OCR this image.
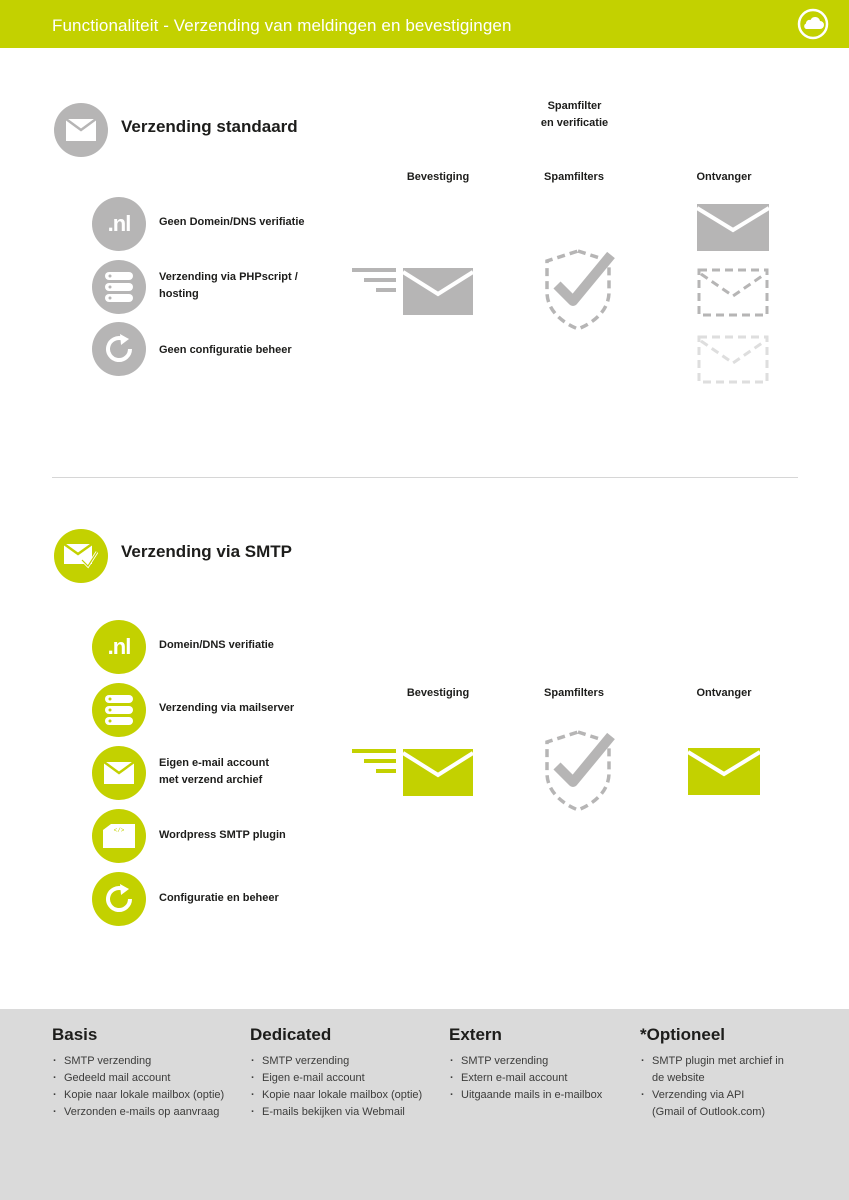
Functionaliteit - Verzending van meldingen en bevestigingen
Verzending standaard
Spamfilter
en verificatie
Bevestiging	Spamfilters	Ontvanger
.nl	Geen Domein/DNS verifiatie
Verzending via PHPscript /
hosting
Geen configuratie beheer
Verzending via SMTP
Bevestiging	Spamfilters	Ontvanger
.nl	Domein/DNS verifiatie
Verzending via mailserver
Eigen e-mail account
met verzend archief
</>	Wordpress SMTP plugin
Configuratie en beheer
Basis
· SMTP verzending
· Gedeeld mail account
· Kopie naar lokale mailbox (optie)
· Verzonden e-mails op aanvraag
Dedicated
· SMTP verzending
· Eigen e-mail account
· Kopie naar lokale mailbox (optie)
· E-mails bekijken via Webmail
Extern
· SMTP verzending
· Extern e-mail account
· Uitgaande mails in e-mailbox
*Optioneel
· SMTP plugin met archief in
de website
· Verzending via API
(Gmail of Outlook.com)
